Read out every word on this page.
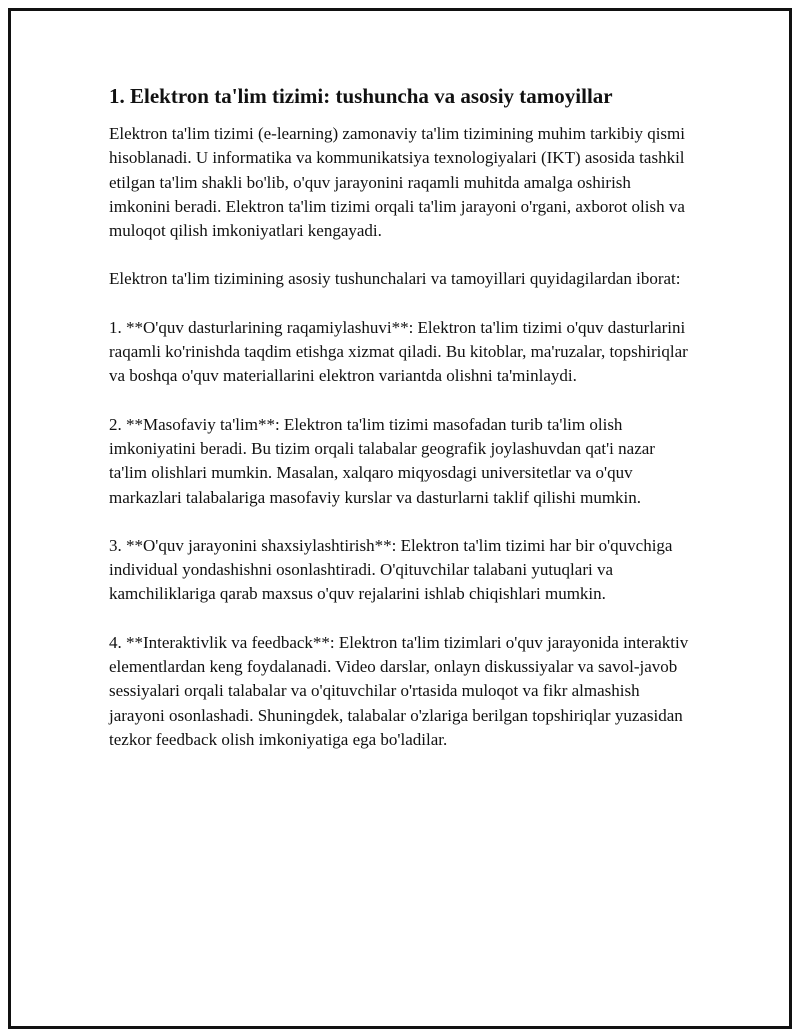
1. Elektron ta'lim tizimi: tushuncha va asosiy tamoyillar

Elektron ta'lim tizimi (e-learning) zamonaviy ta'lim tizimining muhim tarkibiy qismi hisoblanadi. U informatika va kommunikatsiya texnologiyalari (IKT) asosida tashkil etilgan ta'lim shakli bo'lib, o'quv jarayonini raqamli muhitda amalga oshirish imkonini beradi. Elektron ta'lim tizimi orqali ta'lim jarayoni o'rgani, axborot olish va muloqot qilish imkoniyatlari kengayadi.

Elektron ta'lim tizimining asosiy tushunchalari va tamoyillari quyidagilardan iborat:

1. **O'quv dasturlarining raqamiylashuvi**: Elektron ta'lim tizimi o'quv dasturlarini raqamli ko'rinishda taqdim etishga xizmat qiladi. Bu kitoblar, ma'ruzalar, topshiriqlar va boshqa o'quv materiallarini elektron variantda olishni ta'minlaydi.

2. **Masofaviy ta'lim**: Elektron ta'lim tizimi masofadan turib ta'lim olish imkoniyatini beradi. Bu tizim orqali talabalar geografik joylashuvdan qat'i nazar ta'lim olishlari mumkin. Masalan, xalqaro miqyosdagi universitetlar va o'quv markazlari talabalariga masofaviy kurslar va dasturlarni taklif qilishi mumkin.

3. **O'quv jarayonini shaxsiylashtirish**: Elektron ta'lim tizimi har bir o'quvchiga individual yondashishni osonlashtiradi. O'qituvchilar talabani yutuqlari va kamchiliklariga qarab maxsus o'quv rejalarini ishlab chiqishlari mumkin.

4. **Interaktivlik va feedback**: Elektron ta'lim tizimlari o'quv jarayonida interaktiv elementlardan keng foydalanadi. Video darslar, onlayn diskussiyalar va savol-javob sessiyalari orqali talabalar va o'qituvchilar o'rtasida muloqot va fikr almashish jarayoni osonlashadi. Shuningdek, talabalar o'zlariga berilgan topshiriqlar yuzasidan tezkor feedback olish imkoniyatiga ega bo'ladilar.
